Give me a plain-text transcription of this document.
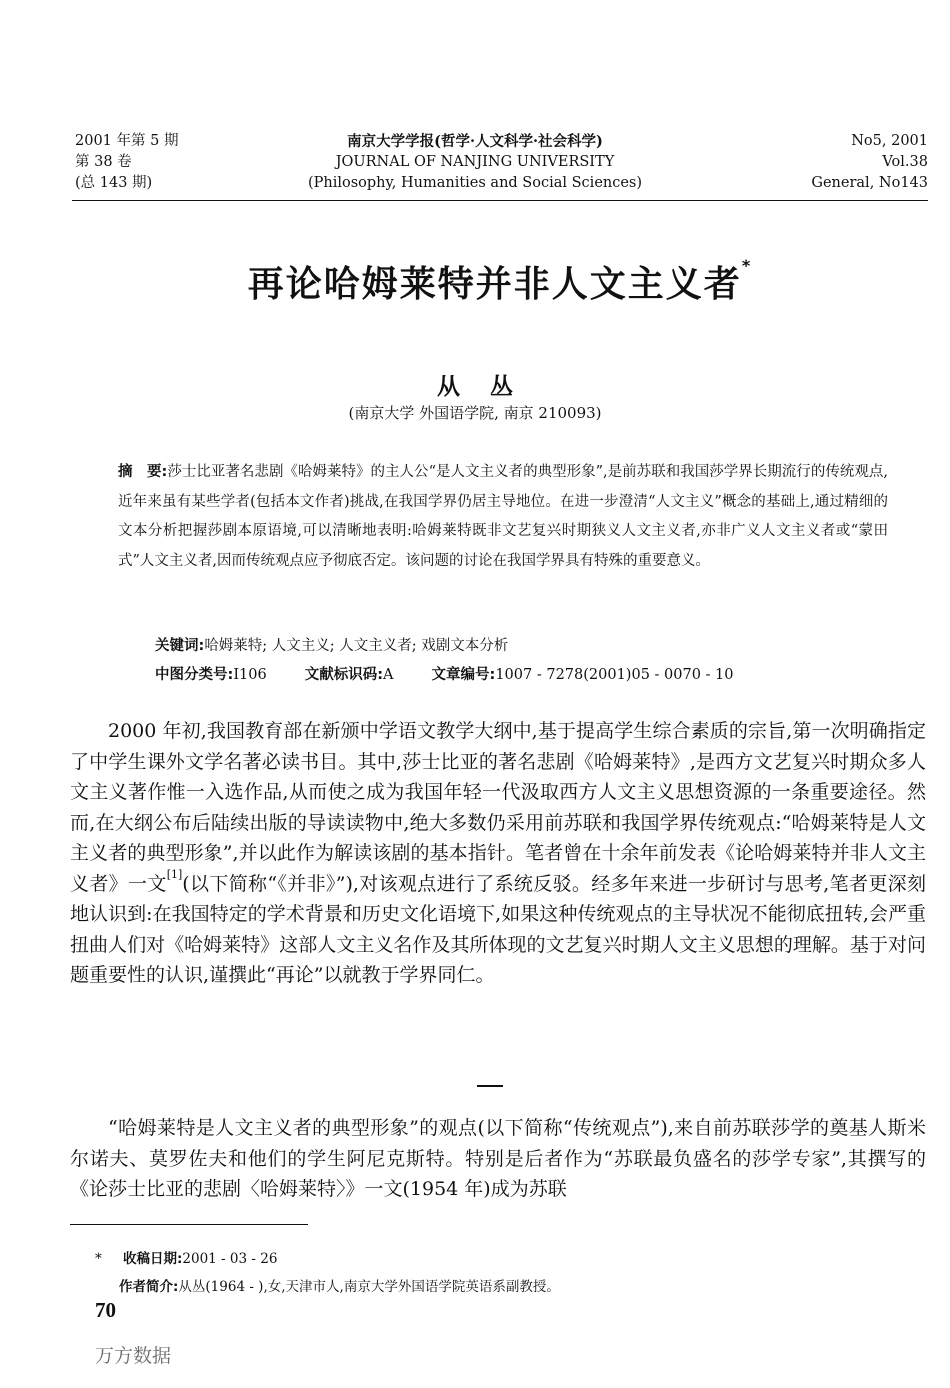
2001 年第 5 期
第 38 卷
(总 143 期)
南京大学学报(哲学·人文科学·社会科学)
JOURNAL OF NANJING UNIVERSITY
(Philosophy, Humanities and Social Sciences)
No5, 2001
Vol.38
General, No143
再论哈姆莱特并非人文主义者*
从丛
(南京大学 外国语学院, 南京 210093)
摘　要:莎士比亚著名悲剧《哈姆莱特》的主人公“是人文主义者的典型形象”,是前苏联和我国莎学界长期流行的传统观点,近年来虽有某些学者(包括本文作者)挑战,在我国学界仍居主导地位。在进一步澄清“人文主义”概念的基础上,通过精细的文本分析把握莎剧本原语境,可以清晰地表明:哈姆莱特既非文艺复兴时期狭义人文主义者,亦非广义人文主义者或“蒙田式”人文主义者,因而传统观点应予彻底否定。该问题的讨论在我国学界具有特殊的重要意义。
关键词:哈姆莱特; 人文主义; 人文主义者; 戏剧文本分析
中图分类号:I106	文献标识码:A	文章编号:1007 - 7278(2001)05 - 0070 - 10
2000 年初,我国教育部在新颁中学语文教学大纲中,基于提高学生综合素质的宗旨,第一次明确指定了中学生课外文学名著必读书目。其中,莎士比亚的著名悲剧《哈姆莱特》,是西方文艺复兴时期众多人文主义著作惟一入选作品,从而使之成为我国年轻一代汲取西方人文主义思想资源的一条重要途径。然而,在大纲公布后陆续出版的导读读物中,绝大多数仍采用前苏联和我国学界传统观点:“哈姆莱特是人文主义者的典型形象”,并以此作为解读该剧的基本指针。笔者曾在十余年前发表《论哈姆莱特并非人文主义者》一文[1](以下简称“《并非》”),对该观点进行了系统反驳。经多年来进一步研讨与思考,笔者更深刻地认识到:在我国特定的学术背景和历史文化语境下,如果这种传统观点的主导状况不能彻底扭转,会严重扭曲人们对《哈姆莱特》这部人文主义名作及其所体现的文艺复兴时期人文主义思想的理解。基于对问题重要性的认识,谨撰此“再论”以就教于学界同仁。
“哈姆莱特是人文主义者的典型形象”的观点(以下简称“传统观点”),来自前苏联莎学的奠基人斯米尔诺夫、莫罗佐夫和他们的学生阿尼克斯特。特别是后者作为“苏联最负盛名的莎学专家”,其撰写的《论莎士比亚的悲剧〈哈姆莱特〉》一文(1954 年)成为苏联
* 收稿日期:2001 - 03 - 26
作者简介:从丛(1964 - ),女,天津市人,南京大学外国语学院英语系副教授。
70
万方数据
